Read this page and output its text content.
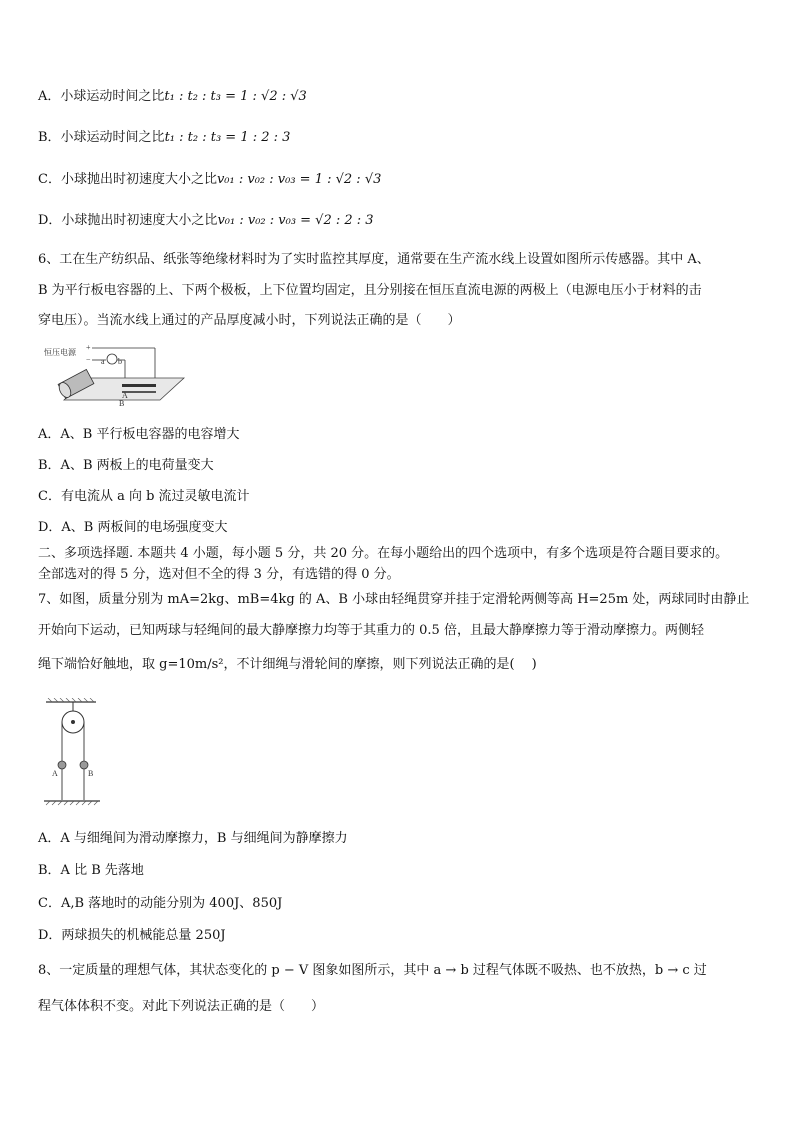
A．小球运动时间之比t₁ : t₂ : t₃ = 1 : √2 : √3
B．小球运动时间之比t₁ : t₂ : t₃ = 1 : 2 : 3
C．小球抛出时初速度大小之比v₀₁ : v₀₂ : v₀₃ = 1 : √2 : √3
D．小球抛出时初速度大小之比v₀₁ : v₀₂ : v₀₃ = √2 : 2 : 3
6、工在生产纺织品、纸张等绝缘材料时为了实时监控其厚度，通常要在生产流水线上设置如图所示传感器。其中 A、
B 为平行板电容器的上、下两个极板，上下位置均固定，且分别接在恒压直流电源的两极上（电源电压小于材料的击
穿电压）。当流水线上通过的产品厚度减小时，下列说法正确的是（　　）
恒压电源
+
− a b
A
B
A．A、B 平行板电容器的电容增大
B．A、B 两板上的电荷量变大
C．有电流从 a 向 b 流过灵敏电流计
D．A、B 两板间的电场强度变大
二、多项选择题. 本题共 4 小题，每小题 5 分，共 20 分。在每小题给出的四个选项中，有多个选项是符合题目要求的。
全部选对的得 5 分，选对但不全的得 3 分，有选错的得 0 分。
7、如图，质量分别为 mA=2kg、mB=4kg 的 A、B 小球由轻绳贯穿并挂于定滑轮两侧等高 H=25m 处，两球同时由静止
开始向下运动，已知两球与轻绳间的最大静摩擦力均等于其重力的 0.5 倍，且最大静摩擦力等于滑动摩擦力。两侧轻
绳下端恰好触地，取 g=10m/s²，不计细绳与滑轮间的摩擦，则下列说法正确的是(　 )
A	B
A．A 与细绳间为滑动摩擦力，B 与细绳间为静摩擦力
B．A 比 B 先落地
C．A,B 落地时的动能分别为 400J、850J
D．两球损失的机械能总量 250J
8、一定质量的理想气体，其状态变化的 p − V 图象如图所示，其中 a → b 过程气体既不吸热、也不放热，b → c 过
程气体体积不变。对此下列说法正确的是（　　）
